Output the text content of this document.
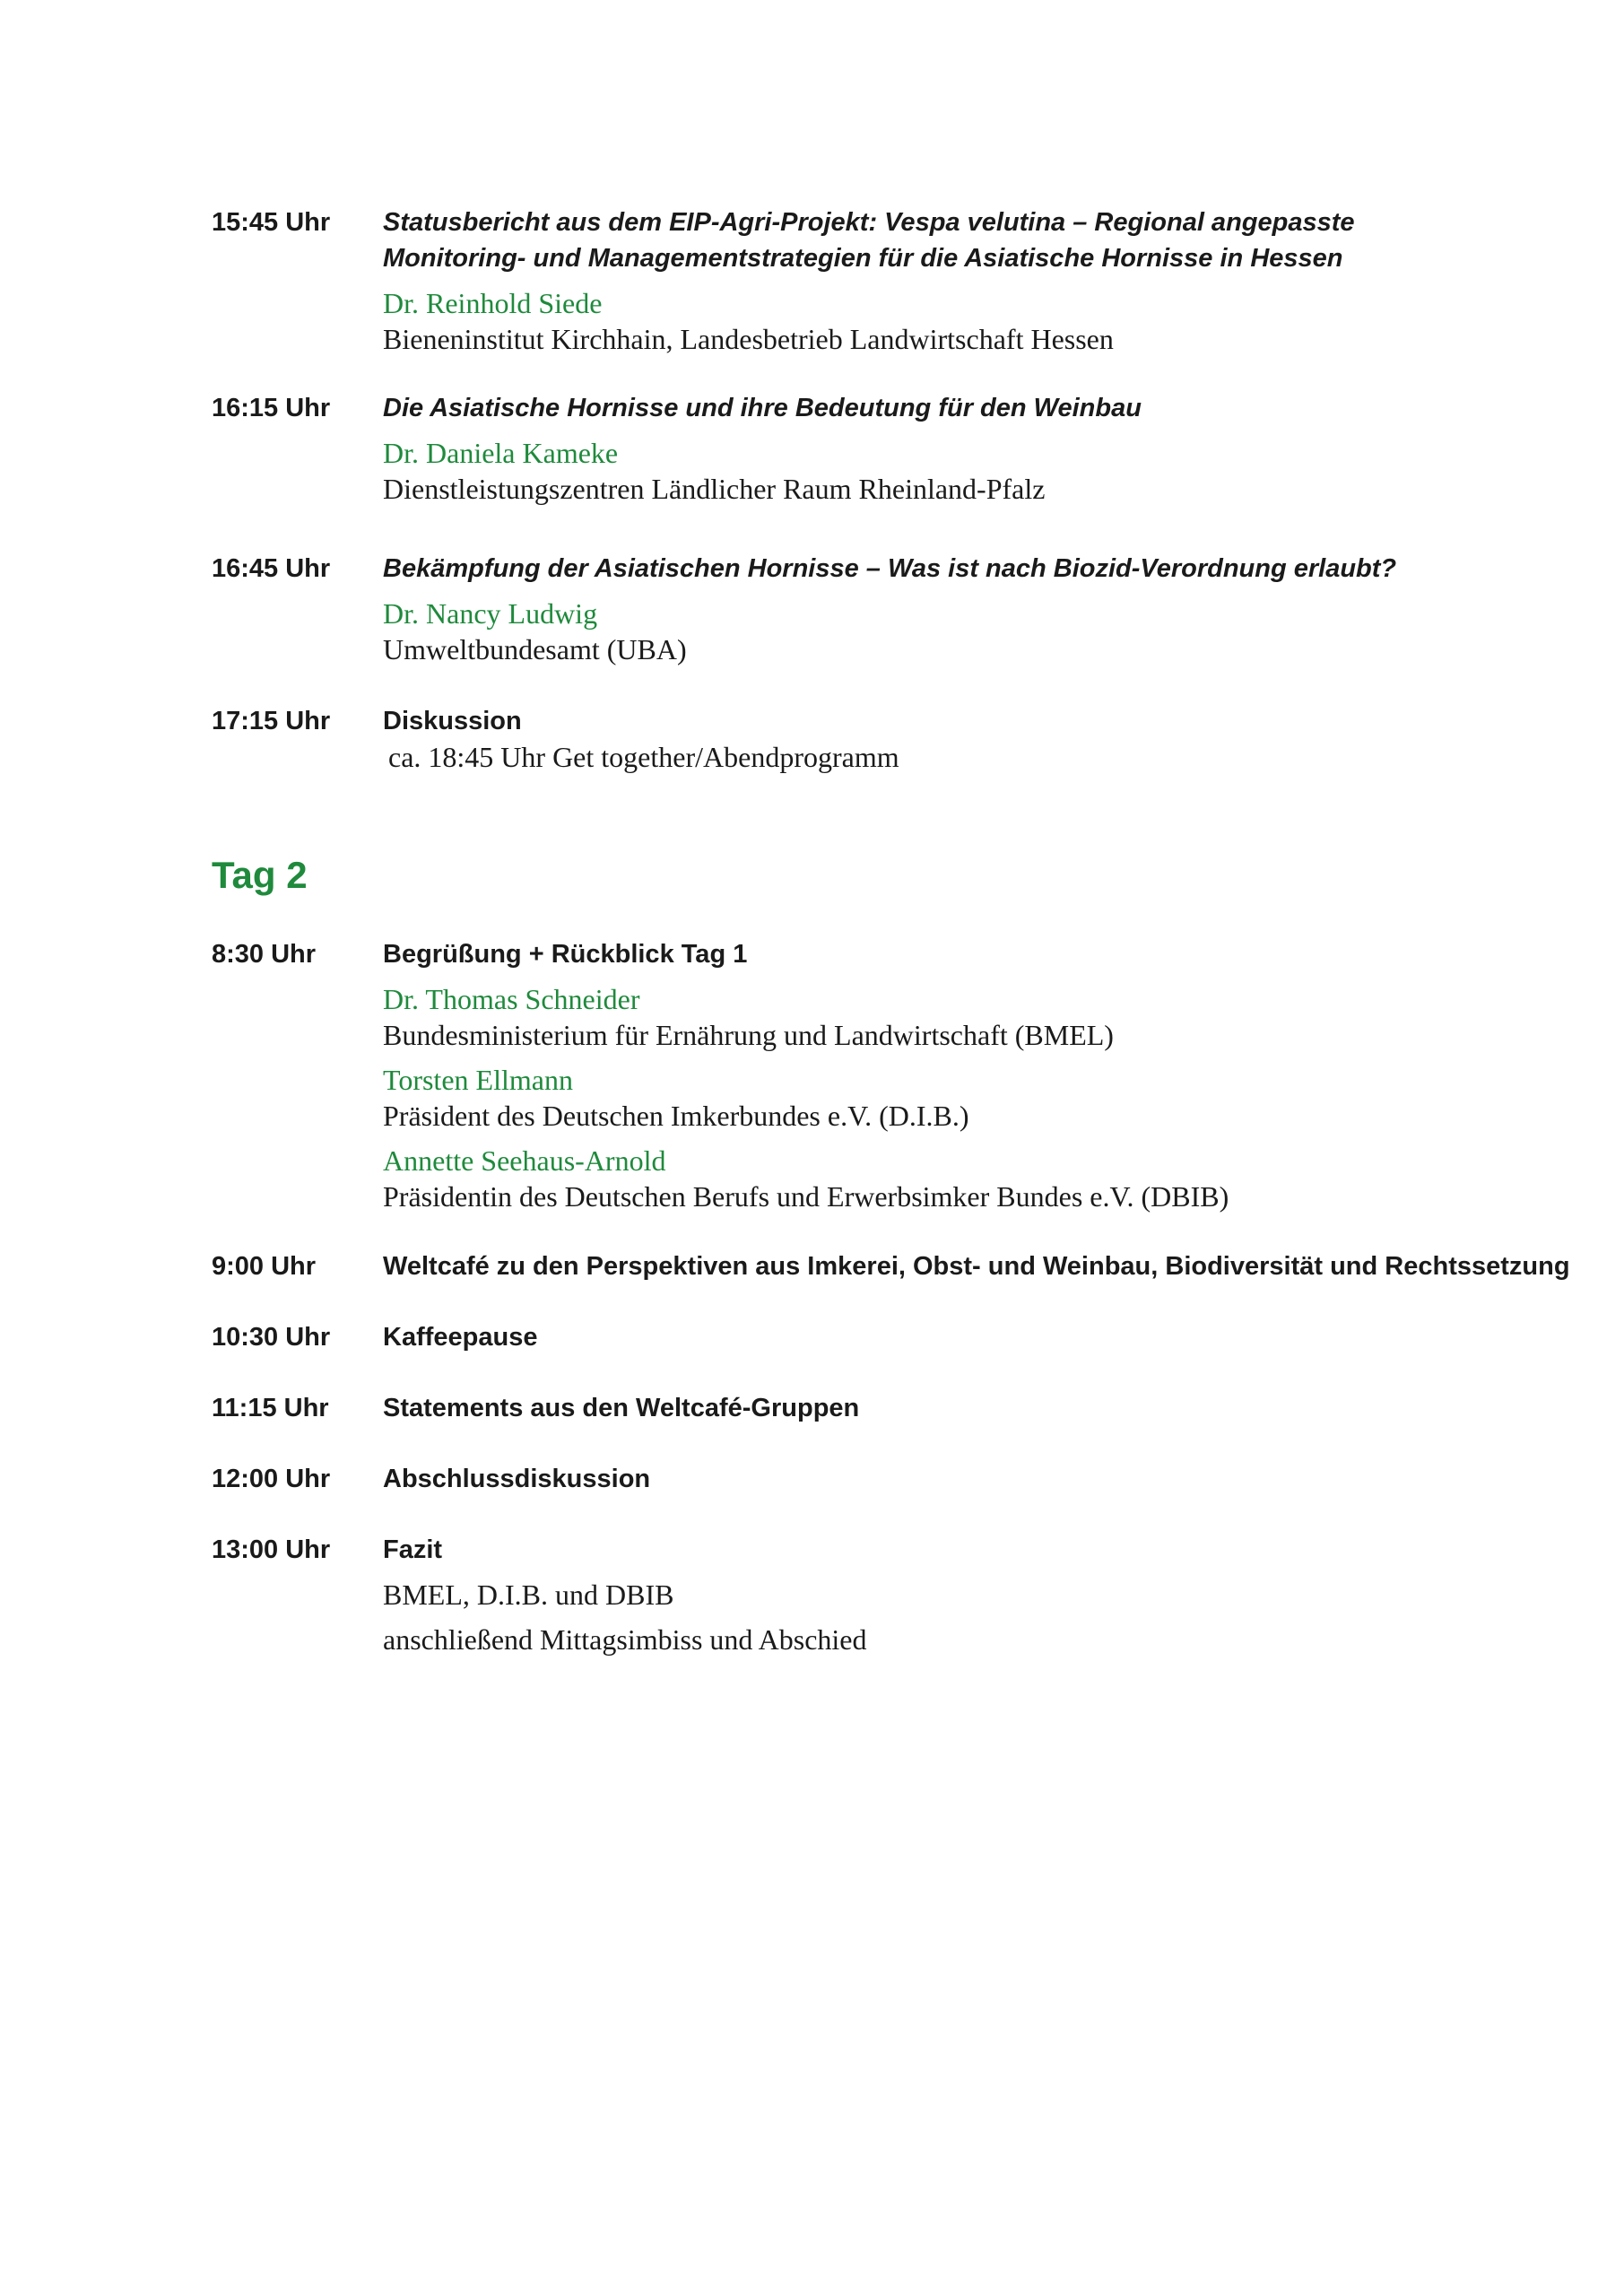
15:45 Uhr	Statusbericht aus dem EIP-Agri-Projekt: Vespa velutina – Regional angepasste
Monitoring- und Managementstrategien für die Asiatische Hornisse in Hessen
Dr. Reinhold Siede
Bieneninstitut Kirchhain, Landesbetrieb Landwirtschaft Hessen
16:15 Uhr	Die Asiatische Hornisse und ihre Bedeutung für den Weinbau
Dr. Daniela Kameke
Dienstleistungszentren Ländlicher Raum Rheinland-Pfalz
16:45 Uhr	Bekämpfung der Asiatischen Hornisse – Was ist nach Biozid-Verordnung erlaubt?
Dr. Nancy Ludwig
Umweltbundesamt (UBA)
17:15 Uhr	Diskussion
ca. 18:45 Uhr Get together/Abendprogramm
Tag 2
8:30 Uhr	Begrüßung + Rückblick Tag 1
Dr. Thomas Schneider
Bundesministerium für Ernährung und Landwirtschaft (BMEL)
Torsten Ellmann
Präsident des Deutschen Imkerbundes e.V. (D.I.B.)
Annette Seehaus-Arnold
Präsidentin des Deutschen Berufs und Erwerbsimker Bundes e.V. (DBIB)
9:00 Uhr	Weltcafé zu den Perspektiven aus Imkerei, Obst- und Weinbau, Biodiversität und Rechtssetzung
10:30 Uhr	Kaffeepause
11:15 Uhr	Statements aus den Weltcafé-Gruppen
12:00 Uhr	Abschlussdiskussion
13:00 Uhr	Fazit
BMEL, D.I.B. und DBIB
anschließend Mittagsimbiss und Abschied
